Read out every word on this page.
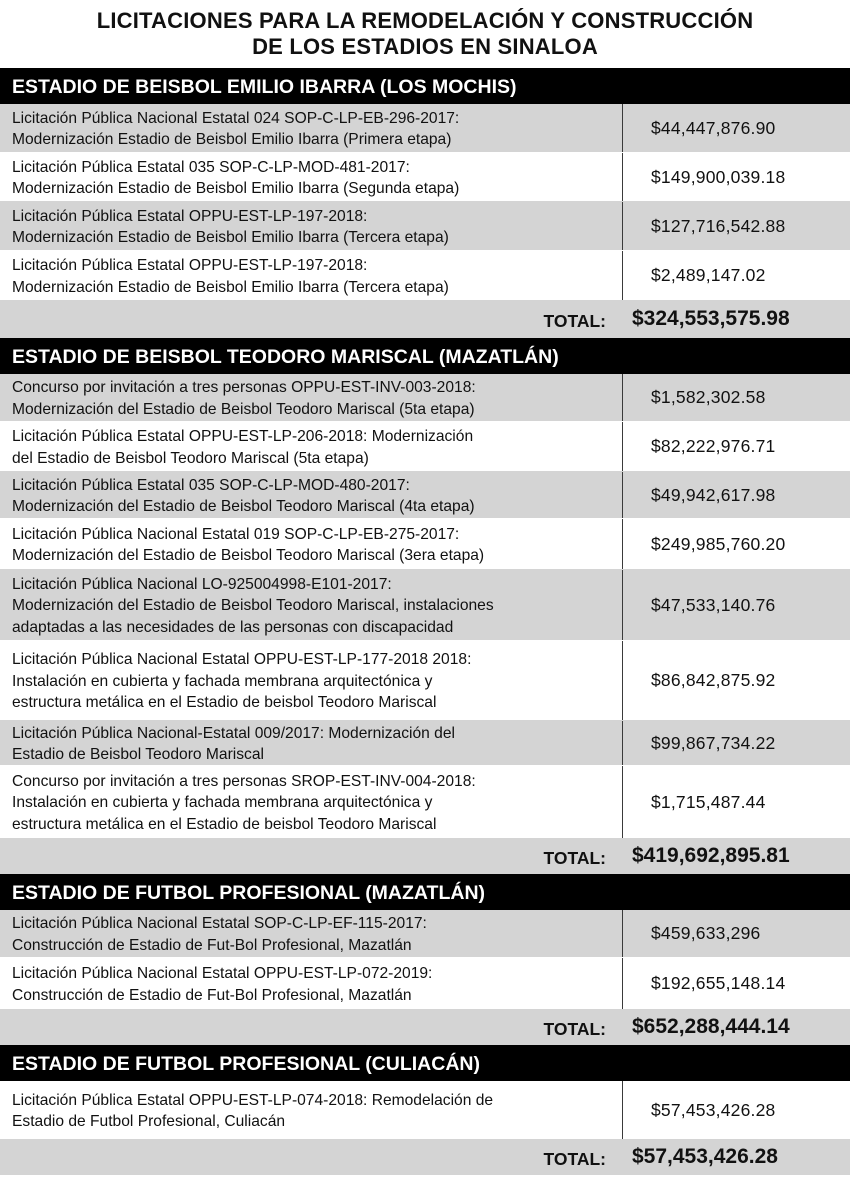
LICITACIONES PARA LA REMODELACIÓN Y CONSTRUCCIÓN
DE LOS ESTADIOS EN SINALOA
ESTADIO DE BEISBOL EMILIO IBARRA (LOS MOCHIS)
Licitación Pública Nacional Estatal 024 SOP-C-LP-EB-296-2017:
Modernización Estadio de Beisbol Emilio Ibarra (Primera etapa)
$44,447,876.90
Licitación Pública Estatal 035 SOP-C-LP-MOD-481-2017:
Modernización Estadio de Beisbol Emilio Ibarra (Segunda etapa)
$149,900,039.18
Licitación Pública Estatal OPPU-EST-LP-197-2018:
Modernización Estadio de Beisbol Emilio Ibarra (Tercera etapa)
$127,716,542.88
Licitación Pública Estatal OPPU-EST-LP-197-2018:
Modernización Estadio de Beisbol Emilio Ibarra (Tercera etapa)
$2,489,147.02
TOTAL: $324,553,575.98
ESTADIO DE BEISBOL TEODORO MARISCAL (MAZATLÁN)
Concurso por invitación a tres personas OPPU-EST-INV-003-2018:
Modernización del Estadio de Beisbol Teodoro Mariscal (5ta etapa)
$1,582,302.58
Licitación Pública Estatal OPPU-EST-LP-206-2018: Modernización
del Estadio de Beisbol Teodoro Mariscal (5ta etapa)
$82,222,976.71
Licitación Pública Estatal 035 SOP-C-LP-MOD-480-2017:
Modernización del Estadio de Beisbol Teodoro Mariscal (4ta etapa)
$49,942,617.98
Licitación Pública Nacional Estatal 019 SOP-C-LP-EB-275-2017:
Modernización del Estadio de Beisbol Teodoro Mariscal (3era etapa)
$249,985,760.20
Licitación Pública Nacional LO-925004998-E101-2017:
Modernización del Estadio de Beisbol Teodoro Mariscal, instalaciones
adaptadas a las necesidades de las personas con discapacidad
$47,533,140.76
Licitación Pública Nacional Estatal OPPU-EST-LP-177-2018 2018:
Instalación en cubierta y fachada membrana arquitectónica y
estructura metálica en el Estadio de beisbol Teodoro Mariscal
$86,842,875.92
Licitación Pública Nacional-Estatal 009/2017: Modernización del
Estadio de Beisbol Teodoro Mariscal
$99,867,734.22
Concurso por invitación a tres personas SROP-EST-INV-004-2018:
Instalación en cubierta y fachada membrana arquitectónica y
estructura metálica en el Estadio de beisbol Teodoro Mariscal
$1,715,487.44
TOTAL: $419,692,895.81
ESTADIO DE FUTBOL PROFESIONAL (MAZATLÁN)
Licitación Pública Nacional Estatal SOP-C-LP-EF-115-2017:
Construcción de Estadio de Fut-Bol Profesional, Mazatlán
$459,633,296
Licitación Pública Nacional Estatal OPPU-EST-LP-072-2019:
Construcción de Estadio de Fut-Bol Profesional, Mazatlán
$192,655,148.14
TOTAL: $652,288,444.14
ESTADIO DE FUTBOL PROFESIONAL (CULIACÁN)
Licitación Pública Estatal OPPU-EST-LP-074-2018: Remodelación de
Estadio de Futbol Profesional, Culiacán
$57,453,426.28
TOTAL: $57,453,426.28
